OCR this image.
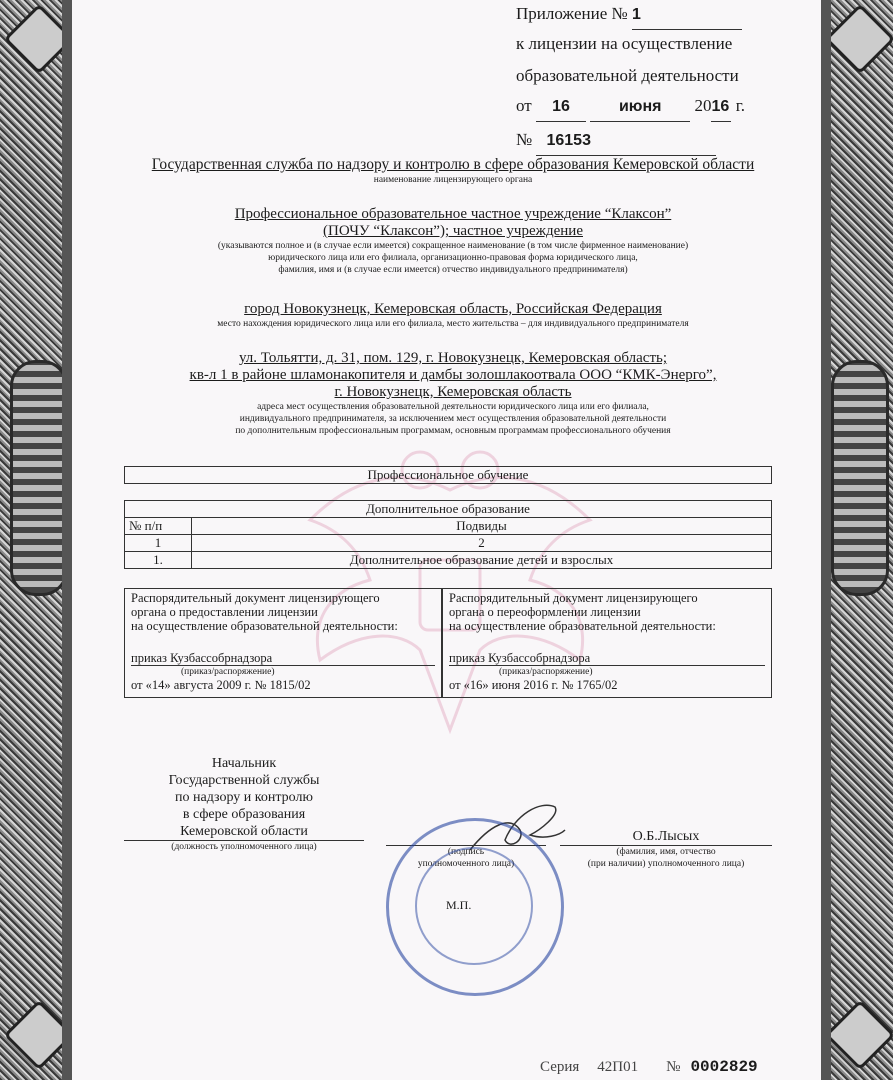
Приложение № 1
к лицензии на осуществление
образовательной деятельности
от 16	июня 2016 г.
№ 16153
Государственная служба по надзору и контролю в сфере образования Кемеровской области
наименование лицензирующего органа
Профессиональное образовательное частное учреждение “Клаксон”
(ПОЧУ “Клаксон”); частное учреждение
(указываются полное и (в случае если имеется) сокращенное наименование (в том числе фирменное наименование)
юридического лица или его филиала, организационно-правовая форма юридического лица,
фамилия, имя и (в случае если имеется) отчество индивидуального предпринимателя)
город Новокузнецк, Кемеровская область, Российская Федерация
место нахождения юридического лица или его филиала, место жительства – для индивидуального предпринимателя
ул. Тольятти, д. 31, пом. 129, г. Новокузнецк, Кемеровская область;
кв-л 1 в районе шламонакопителя и дамбы золошлакоотвала ООО “КМК-Энерго”,
г. Новокузнецк, Кемеровская область
адреса мест осуществления образовательной деятельности юридического лица или его филиала,
индивидуального предпринимателя, за исключением мест осуществления образовательной деятельности
по дополнительным профессиональным программам, основным программам профессионального обучения
Профессиональное обучение
Дополнительное образование	
№ п/п	Подвиды
1	2
1.	Дополнительное образование детей и взрослых
Распорядительный документ лицензирующего
органа о предоставлении лицензии
на осуществление образовательной деятельности:
приказ Кузбассобрнадзора
(приказ/распоряжение)
от «14» августа 2009 г. № 1815/02
Распорядительный документ лицензирующего
органа о переоформлении лицензии
на осуществление образовательной деятельности:
приказ Кузбассобрнадзора
(приказ/распоряжение)
от «16» июня 2016 г. № 1765/02
Начальник
Государственной службы
по надзору и контролю
в сфере образования
Кемеровской области
(должность уполномоченного лица)	(подпись
уполномоченного лица)
О.Б.Лысых
(фамилия, имя, отчество
(при наличии) уполномоченного лица)
М.П.
Серия 42П01 № 0002829
